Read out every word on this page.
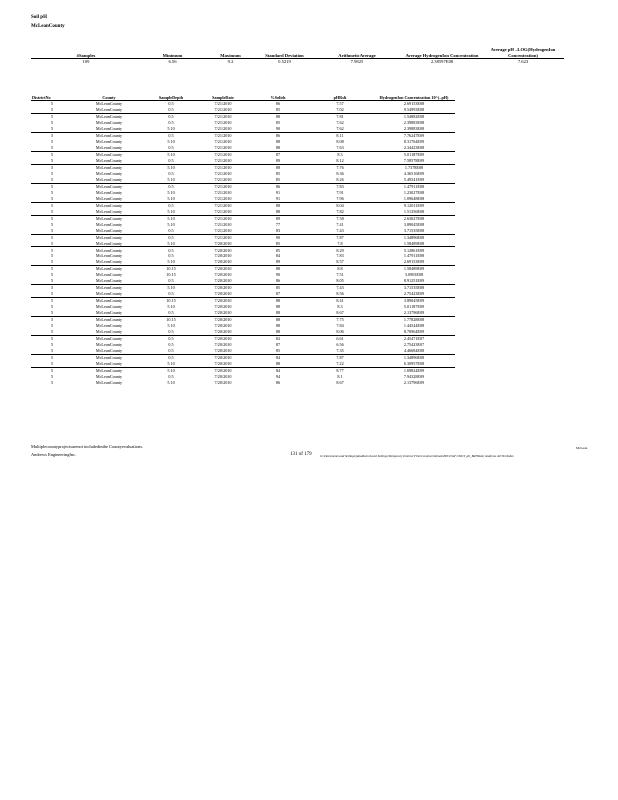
Soil pH
McLeanCounty
#Samples	Minimum	Maximum	Standard Deviation	ArithmeticAverage	Average HydrogenIon Concentration	Average pH –LOG(HydrogenIon Concentration)
109	6.56	9.2	0.5219	7.9825	2.38597E08	7.623
DistrictNo	County	SampleDepth	SampleDate	%Solids	pHRslt	HydrogenIon Concentration 10^(–pH)
5	McLeanCounty	0.5	7/21/2010	86	7.57	2.69153E08
5	McLeanCounty	0.5	7/21/2010	85	7.02	9.54993E08
5	McLeanCounty	0.5	7/21/2010	88	7.81	1.54882E08
5	McLeanCounty	0.5	7/21/2010	85	7.62	2.39883E08
5	McLeanCounty	5.10	7/21/2010	90	7.62	2.39883E08
5	McLeanCounty	0.5	7/21/2010	86	8.11	7.76247E09
5	McLeanCounty	5.10	7/21/2010	88	8.08	8.31764E09
5	McLeanCounty	0.5	7/21/2010	88	7.63	2.34423E08
5	McLeanCounty	5.10	7/21/2010	87	8.3	5.01187E09
5	McLeanCounty	0.5	7/21/2010	89	8.12	7.58578E09
5	McLeanCounty	5.10	7/21/2010	88	7.76	1.7378E08
5	McLeanCounty	0.5	7/21/2010	85	8.36	4.36516E09
5	McLeanCounty	5.10	7/21/2010	85	8.26	5.49541E09
5	McLeanCounty	0.5	7/21/2010	86	7.83	1.47911E08
5	McLeanCounty	5.10	7/21/2010	91	7.91	1.23027E08
5	McLeanCounty	5.10	7/21/2010	91	7.96	1.09648E08
5	McLeanCounty	0.5	7/21/2010	88	8.04	9.12011E09
5	McLeanCounty	5.10	7/21/2010	88	7.82	1.51356E08
5	McLeanCounty	5.10	7/21/2010	89	7.58	2.63027E08
5	McLeanCounty	5.10	7/21/2010	77	7.41	3.89045E08
5	McLeanCounty	0.5	7/21/2010	83	7.43	3.71535E08
5	McLeanCounty	0.5	7/21/2010	90	7.87	1.34896E08
5	McLeanCounty	5.10	7/20/2010	85	7.8	1.58489E08
5	McLeanCounty	0.5	7/20/2010	85	8.29	5.12861E09
5	McLeanCounty	0.5	7/20/2010	84	7.83	1.47911E08
5	McLeanCounty	5.10	7/20/2010	89	8.57	2.69153E09
5	McLeanCounty	10.15	7/20/2010	88	8.8	1.58489E09
5	McLeanCounty	10.15	7/20/2010	90	7.51	3.0903E08
5	McLeanCounty	0.5	7/20/2010	86	8.05	8.91251E09
5	McLeanCounty	5.10	7/20/2010	85	7.43	3.71535E08
5	McLeanCounty	0.5	7/20/2010	87	8.56	2.75423E09
5	McLeanCounty	10.15	7/20/2010	88	8.41	3.89045E09
5	McLeanCounty	5.10	7/20/2010	88	8.3	5.01187E09
5	McLeanCounty	0.5	7/20/2010	88	8.67	2.13796E09
5	McLeanCounty	10.15	7/20/2010	88	7.75	1.77828E08
5	McLeanCounty	5.10	7/20/2010	88	7.84	1.44544E08
5	McLeanCounty	0.5	7/20/2010	88	8.06	8.70964E09
5	McLeanCounty	0.5	7/20/2010	82	6.61	2.45471E07
5	McLeanCounty	0.5	7/20/2010	87	6.56	2.75423E07
5	McLeanCounty	0.5	7/20/2010	85	7.35	4.46684E08
5	McLeanCounty	0.5	7/20/2010	84	7.87	1.34896E08
5	McLeanCounty	5.10	7/20/2010	88	7.22	6.30957E08
5	McLeanCounty	5.10	7/20/2010	84	8.77	1.69824E09
5	McLeanCounty	0.5	7/20/2010	94	8.1	7.94328E09
5	McLeanCounty	5.10	7/20/2010	86	8.67	2.13796E09
Multiplecountyprojectsarenot includedinthe Countyevaluations.
Andrews EngineeringInc.	131 of 179	G:\Documents and Settings\jabaldwin\Local Settings\Temporary Internet Files\Content.Outlook\N0CLS4F1\DOT_all_BdTWater Andrews All 5D.Xsdsx
McLean
